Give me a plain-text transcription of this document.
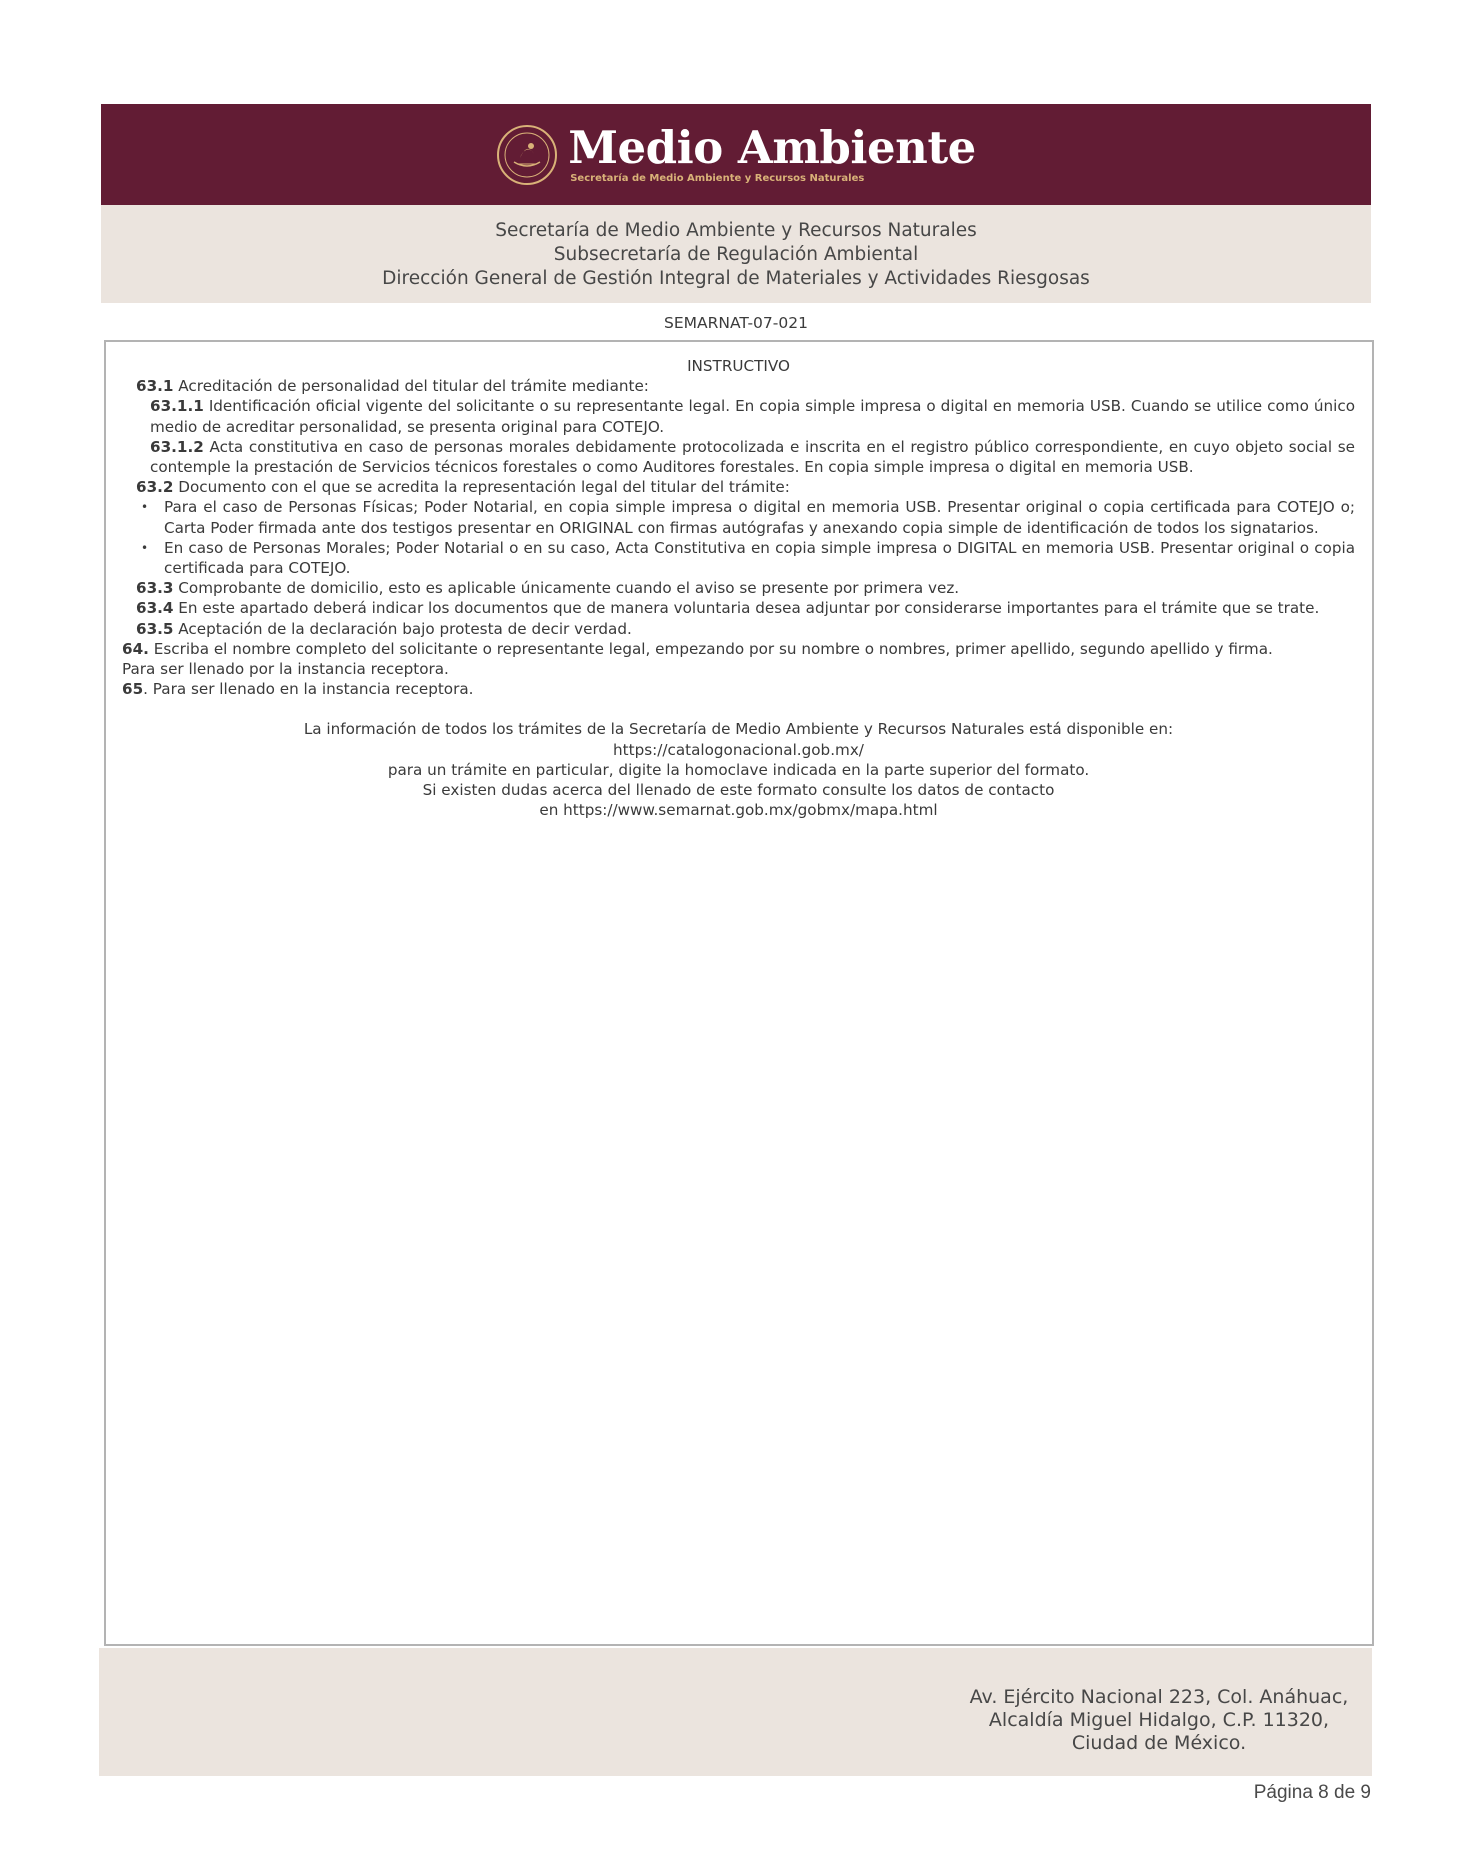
Medio Ambiente
Secretaría de Medio Ambiente y Recursos Naturales
Secretaría de Medio Ambiente y Recursos Naturales
Subsecretaría de Regulación Ambiental
Dirección General de Gestión Integral de Materiales y Actividades Riesgosas
SEMARNAT-07-021

INSTRUCTIVO

63.1 Acreditación de personalidad del titular del trámite mediante:

63.1.1 Identificación oficial vigente del solicitante o su representante legal. En copia simple impresa o digital en memoria USB. Cuando se utilice como único medio de acreditar personalidad, se presenta original para COTEJO.

63.1.2 Acta constitutiva en caso de personas morales debidamente protocolizada e inscrita en el registro público correspondiente, en cuyo objeto social se contemple la prestación de Servicios técnicos forestales o como Auditores forestales. En copia simple impresa o digital en memoria USB.

63.2 Documento con el que se acredita la representación legal del titular del trámite:

• Para el caso de Personas Físicas; Poder Notarial, en copia simple impresa o digital en memoria USB. Presentar original o copia certificada para COTEJO o; Carta Poder firmada ante dos testigos presentar en ORIGINAL con firmas autógrafas y anexando copia simple de identificación de todos los signatarios.

• En caso de Personas Morales; Poder Notarial o en su caso, Acta Constitutiva en copia simple impresa o DIGITAL en memoria USB. Presentar original o copia certificada para COTEJO.

63.3 Comprobante de domicilio, esto es aplicable únicamente cuando el aviso se presente por primera vez.

63.4 En este apartado deberá indicar los documentos que de manera voluntaria desea adjuntar por considerarse importantes para el trámite que se trate.

63.5 Aceptación de la declaración bajo protesta de decir verdad.

64. Escriba el nombre completo del solicitante o representante legal, empezando por su nombre o nombres, primer apellido, segundo apellido y firma.

Para ser llenado por la instancia receptora.

65. Para ser llenado en la instancia receptora.

La información de todos los trámites de la Secretaría de Medio Ambiente y Recursos Naturales está disponible en:

https://catalogonacional.gob.mx/

para un trámite en particular, digite la homoclave indicada en la parte superior del formato.

Si existen dudas acerca del llenado de este formato consulte los datos de contacto

en https://www.semarnat.gob.mx/gobmx/mapa.html

Av. Ejército Nacional 223, Col. Anáhuac,
Alcaldía Miguel Hidalgo, C.P. 11320,
Ciudad de México.
Página 8 de 9
